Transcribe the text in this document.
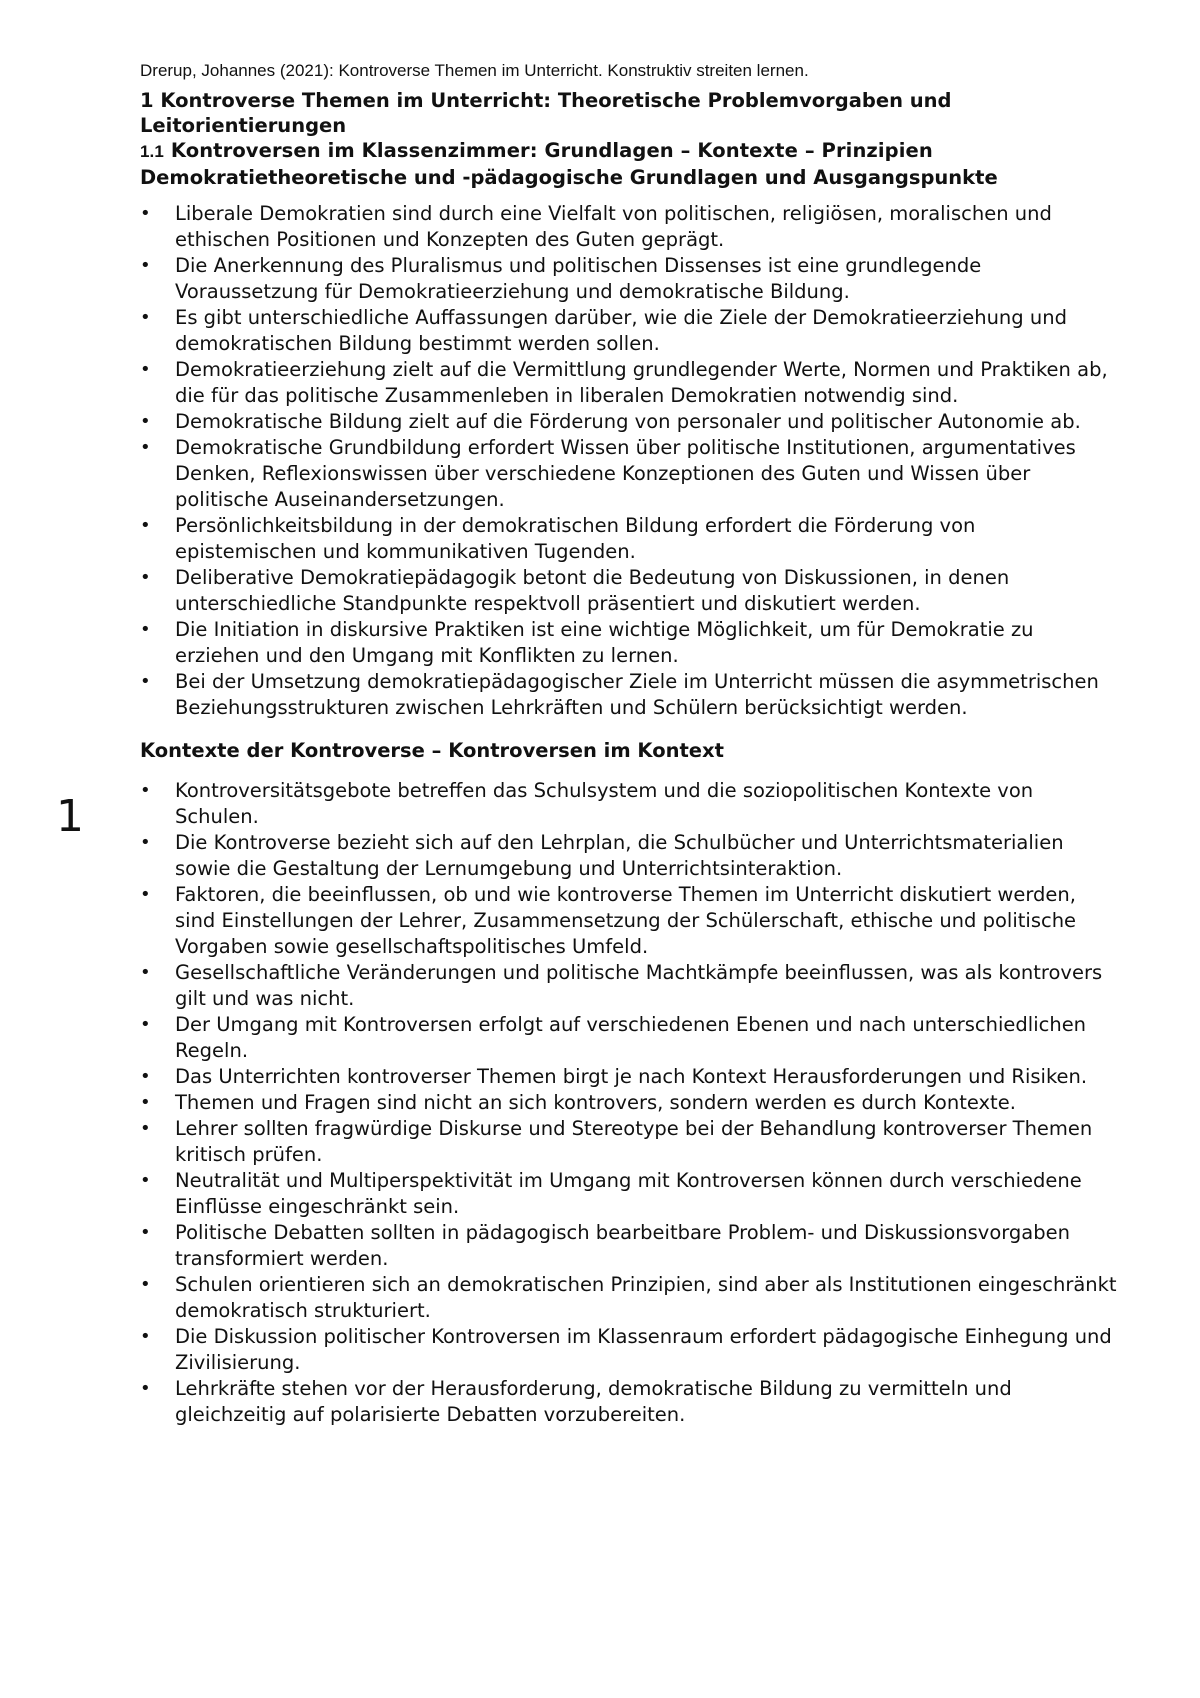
Drerup, Johannes (2021): Kontroverse Themen im Unterricht. Konstruktiv streiten lernen.

1 Kontroverse Themen im Unterricht: Theoretische Problemvorgaben und Leitorientierungen

1.1 Kontroversen im Klassenzimmer: Grundlagen – Kontexte – Prinzipien

Demokratietheoretische und -pädagogische Grundlagen und Ausgangspunkte

• Liberale Demokratien sind durch eine Vielfalt von politischen, religiösen, moralischen und ethischen Positionen und Konzepten des Guten geprägt.
• Die Anerkennung des Pluralismus und politischen Dissenses ist eine grundlegende Voraussetzung für Demokratieerziehung und demokratische Bildung.
• Es gibt unterschiedliche Auffassungen darüber, wie die Ziele der Demokratieerziehung und demokratischen Bildung bestimmt werden sollen.
• Demokratieerziehung zielt auf die Vermittlung grundlegender Werte, Normen und Praktiken ab, die für das politische Zusammenleben in liberalen Demokratien notwendig sind.
• Demokratische Bildung zielt auf die Förderung von personaler und politischer Autonomie ab.
• Demokratische Grundbildung erfordert Wissen über politische Institutionen, argumentatives Denken, Reflexionswissen über verschiedene Konzeptionen des Guten und Wissen über politische Auseinandersetzungen.
• Persönlichkeitsbildung in der demokratischen Bildung erfordert die Förderung von epistemischen und kommunikativen Tugenden.
• Deliberative Demokratiepädagogik betont die Bedeutung von Diskussionen, in denen unterschiedliche Standpunkte respektvoll präsentiert und diskutiert werden.
• Die Initiation in diskursive Praktiken ist eine wichtige Möglichkeit, um für Demokratie zu erziehen und den Umgang mit Konflikten zu lernen.
• Bei der Umsetzung demokratiepädagogischer Ziele im Unterricht müssen die asymmetrischen Beziehungsstrukturen zwischen Lehrkräften und Schülern berücksichtigt werden.

Kontexte der Kontroverse – Kontroversen im Kontext

• Kontroversitätsgebote betreffen das Schulsystem und die soziopolitischen Kontexte von Schulen.
• Die Kontroverse bezieht sich auf den Lehrplan, die Schulbücher und Unterrichtsmaterialien sowie die Gestaltung der Lernumgebung und Unterrichtsinteraktion.
• Faktoren, die beeinflussen, ob und wie kontroverse Themen im Unterricht diskutiert werden, sind Einstellungen der Lehrer, Zusammensetzung der Schülerschaft, ethische und politische Vorgaben sowie gesellschaftspolitisches Umfeld.
• Gesellschaftliche Veränderungen und politische Machtkämpfe beeinflussen, was als kontrovers gilt und was nicht.
• Der Umgang mit Kontroversen erfolgt auf verschiedenen Ebenen und nach unterschiedlichen Regeln.
• Das Unterrichten kontroverser Themen birgt je nach Kontext Herausforderungen und Risiken.
• Themen und Fragen sind nicht an sich kontrovers, sondern werden es durch Kontexte.
• Lehrer sollten fragwürdige Diskurse und Stereotype bei der Behandlung kontroverser Themen kritisch prüfen.
• Neutralität und Multiperspektivität im Umgang mit Kontroversen können durch verschiedene Einflüsse eingeschränkt sein.
• Politische Debatten sollten in pädagogisch bearbeitbare Problem- und Diskussionsvorgaben transformiert werden.
• Schulen orientieren sich an demokratischen Prinzipien, sind aber als Institutionen eingeschränkt demokratisch strukturiert.
• Die Diskussion politischer Kontroversen im Klassenraum erfordert pädagogische Einhegung und Zivilisierung.
• Lehrkräfte stehen vor der Herausforderung, demokratische Bildung zu vermitteln und gleichzeitig auf polarisierte Debatten vorzubereiten.
1
